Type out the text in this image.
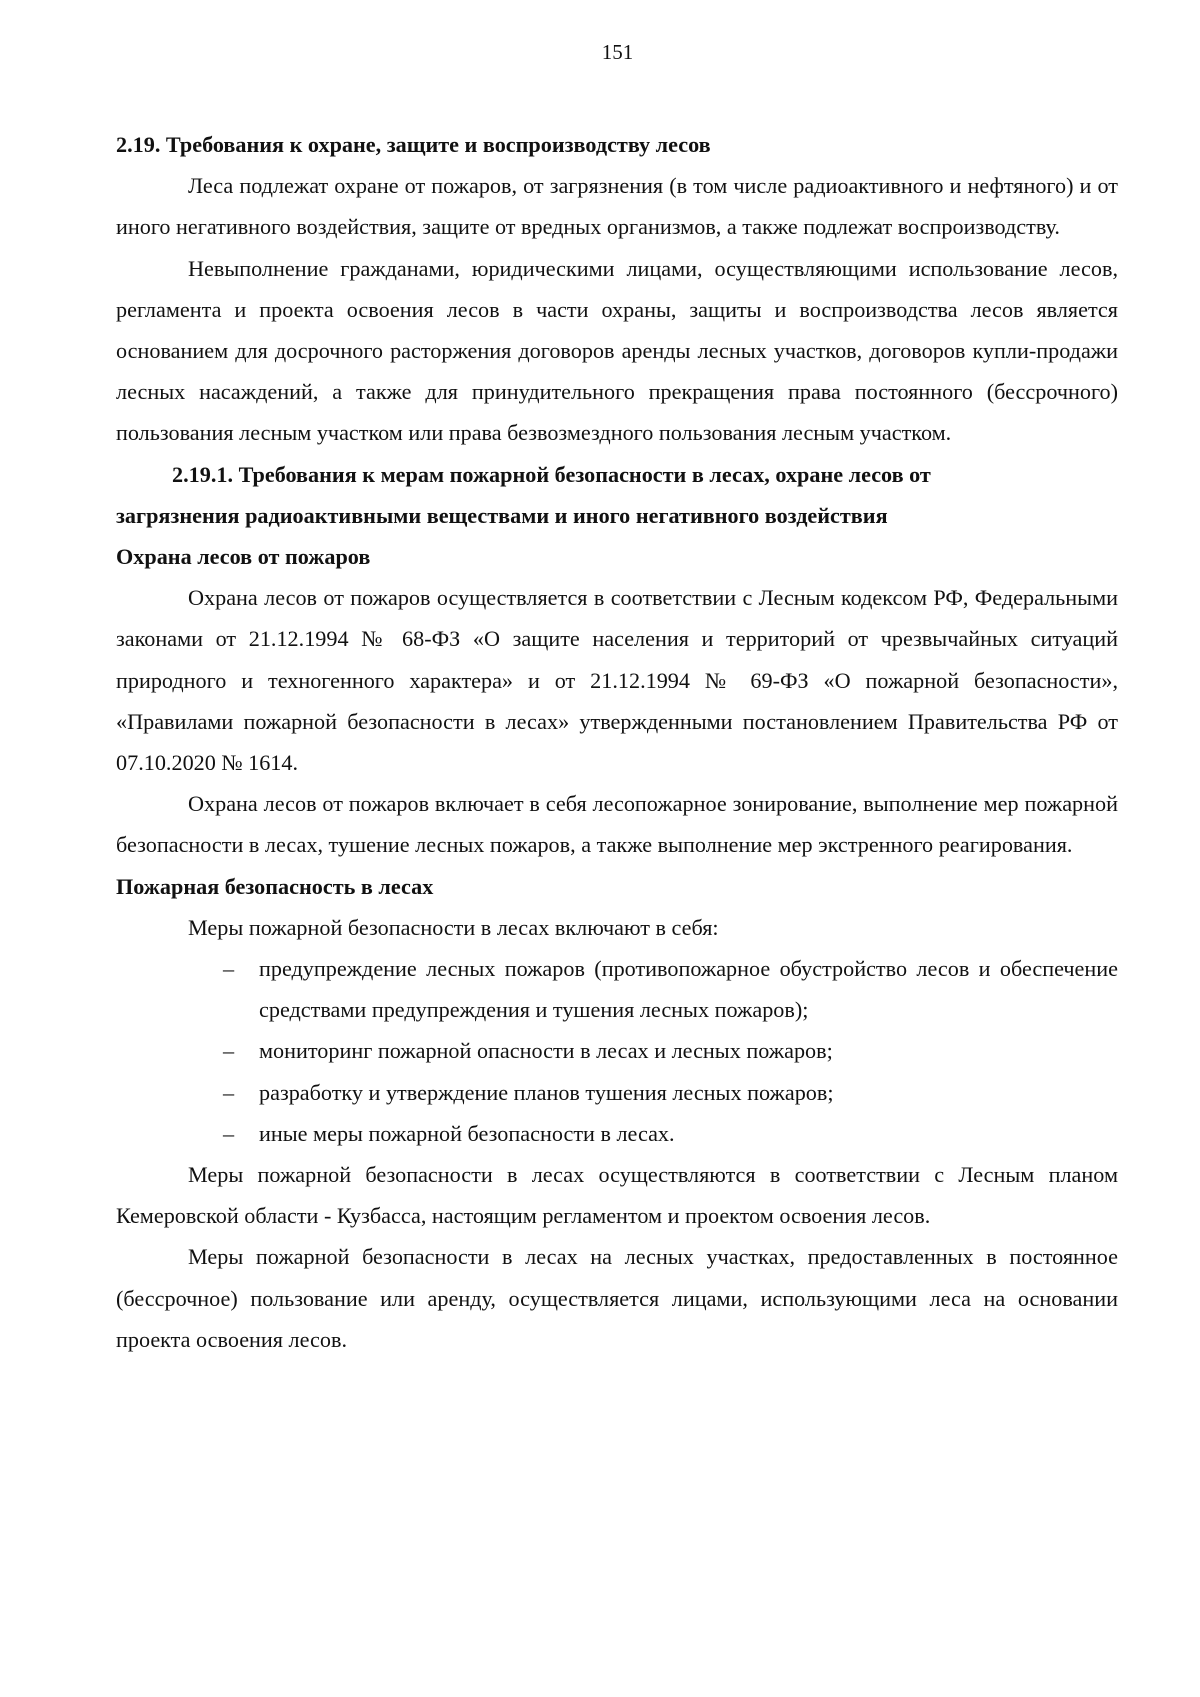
151

2.19. Требования к охране, защите и воспроизводству лесов

Леса подлежат охране от пожаров, от загрязнения (в том числе радиоактивного и нефтяного) и от иного негативного воздействия, защите от вредных организмов, а также подлежат воспроизводству.

Невыполнение гражданами, юридическими лицами, осуществляющими использование лесов, регламента и проекта освоения лесов в части охраны, защиты и воспроизводства лесов является основанием для досрочного расторжения договоров аренды лесных участков, договоров купли-продажи лесных насаждений, а также для принудительного прекращения права постоянного (бессрочного) пользования лесным участком или права безвозмездного пользования лесным участком.

2.19.1. Требования к мерам пожарной безопасности в лесах, охране лесов от
загрязнения радиоактивными веществами и иного негативного воздействия

Охрана лесов от пожаров

Охрана лесов от пожаров осуществляется в соответствии с Лесным кодексом РФ, Федеральными законами от 21.12.1994 № 68-ФЗ «О защите населения и территорий от чрезвычайных ситуаций природного и техногенного характера» и от 21.12.1994 № 69-ФЗ «О пожарной безопасности», «Правилами пожарной безопасности в лесах» утвержденными постановлением Правительства РФ от 07.10.2020 № 1614.

Охрана лесов от пожаров включает в себя лесопожарное зонирование, выполнение мер пожарной безопасности в лесах, тушение лесных пожаров, а также выполнение мер экстренного реагирования.

Пожарная безопасность в лесах

Меры пожарной безопасности в лесах включают в себя:

– предупреждение лесных пожаров (противопожарное обустройство лесов и обеспечение средствами предупреждения и тушения лесных пожаров);
– мониторинг пожарной опасности в лесах и лесных пожаров;
– разработку и утверждение планов тушения лесных пожаров;
– иные меры пожарной безопасности в лесах.

Меры пожарной безопасности в лесах осуществляются в соответствии с Лесным планом Кемеровской области - Кузбасса, настоящим регламентом и проектом освоения лесов.

Меры пожарной безопасности в лесах на лесных участках, предоставленных в постоянное (бессрочное) пользование или аренду, осуществляется лицами, использующими леса на основании проекта освоения лесов.
